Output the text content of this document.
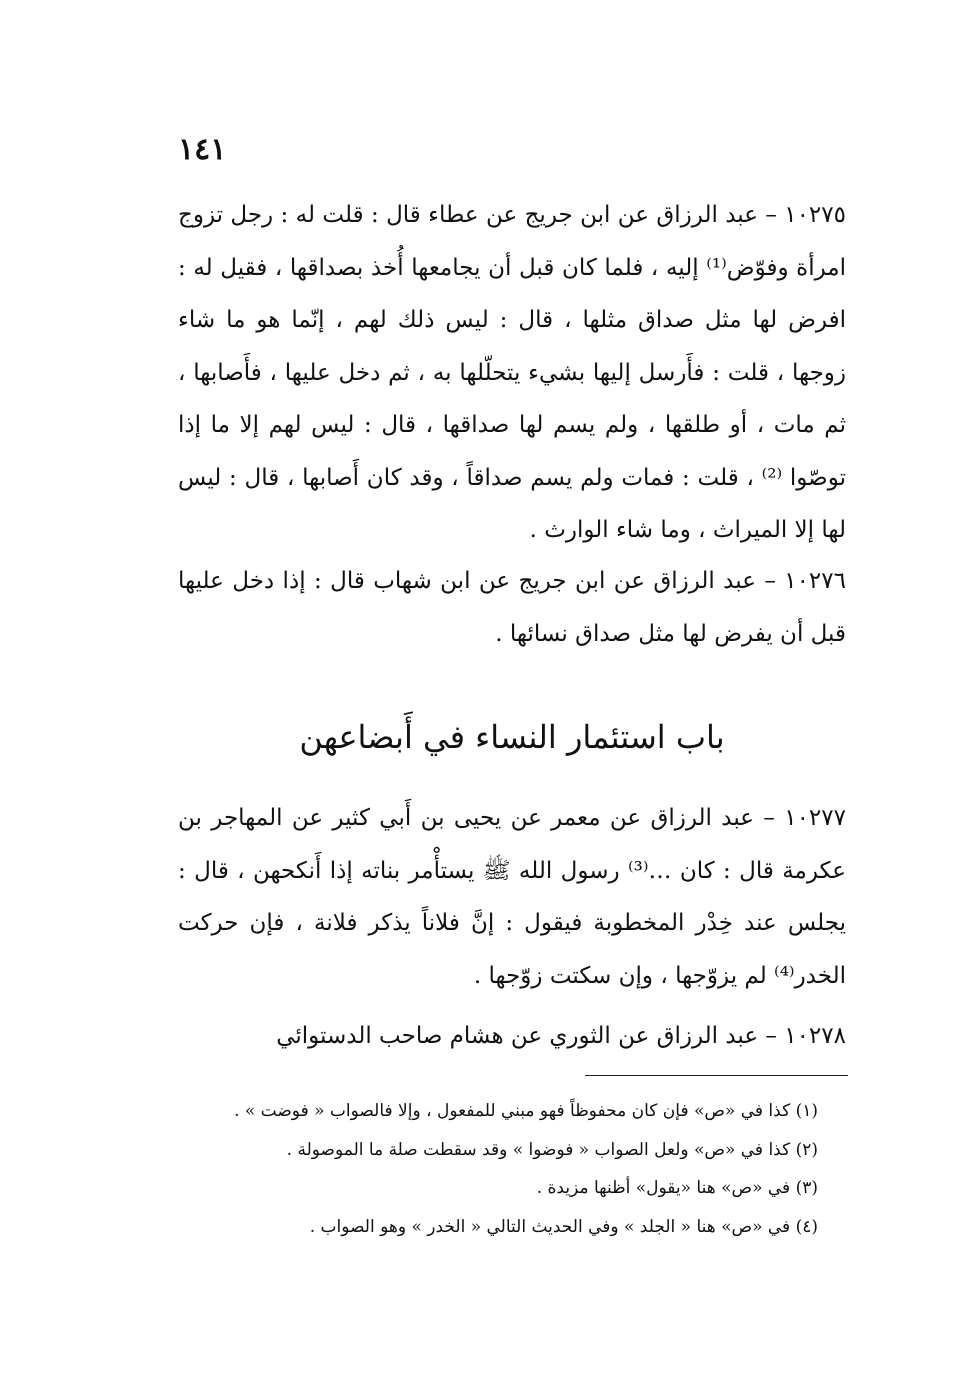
١٤١
١٠٢٧٥ – عبد الرزاق عن ابن جريج عن عطاء قال : قلت له : رجل تزوج امرأة وفوّض⁽¹⁾ إليه ، فلما كان قبل أن يجامعها أُخذ بصداقها ، فقيل له : افرض لها مثل صداق مثلها ، قال : ليس ذلك لهم ، إنّما هو ما شاء زوجها ، قلت : فأَرسل إليها بشيء يتحلّلها به ، ثم دخل عليها ، فأَصابها ، ثم مات ، أو طلقها ، ولم يسم لها صداقها ، قال : ليس لهم إلا ما إذا توصّوا ⁽²⁾ ، قلت : فمات ولم يسم صداقاً ، وقد كان أَصابها ، قال : ليس لها إلا الميراث ، وما شاء الوارث .
١٠٢٧٦ – عبد الرزاق عن ابن جريج عن ابن شهاب قال : إذا دخل عليها قبل أن يفرض لها مثل صداق نسائها .
باب استئمار النساء في أَبضاعهن
١٠٢٧٧ – عبد الرزاق عن معمر عن يحيى بن أَبي كثير عن المهاجر بن عكرمة قال : كان …⁽³⁾ رسول الله ﷺ يستأْمر بناته إذا أَنكحهن ، قال : يجلس عند خِدْر المخطوبة فيقول : إنَّ فلاناً يذكر فلانة ، فإن حركت الخدر⁽⁴⁾ لم يزوّجها ، وإن سكتت زوّجها .
١٠٢٧٨ – عبد الرزاق عن الثوري عن هشام صاحب الدستوائي
(١) كذا في «ص» فإن كان محفوظاً فهو مبني للمفعول ، وإلا فالصواب « فوضت » .
(٢) كذا في «ص» ولعل الصواب « فوضوا » وقد سقطت صلة ما الموصولة .
(٣) في «ص» هنا «يقول» أظنها مزيدة .
(٤) في «ص» هنا « الجلد » وفي الحديث التالي « الخدر » وهو الصواب .
